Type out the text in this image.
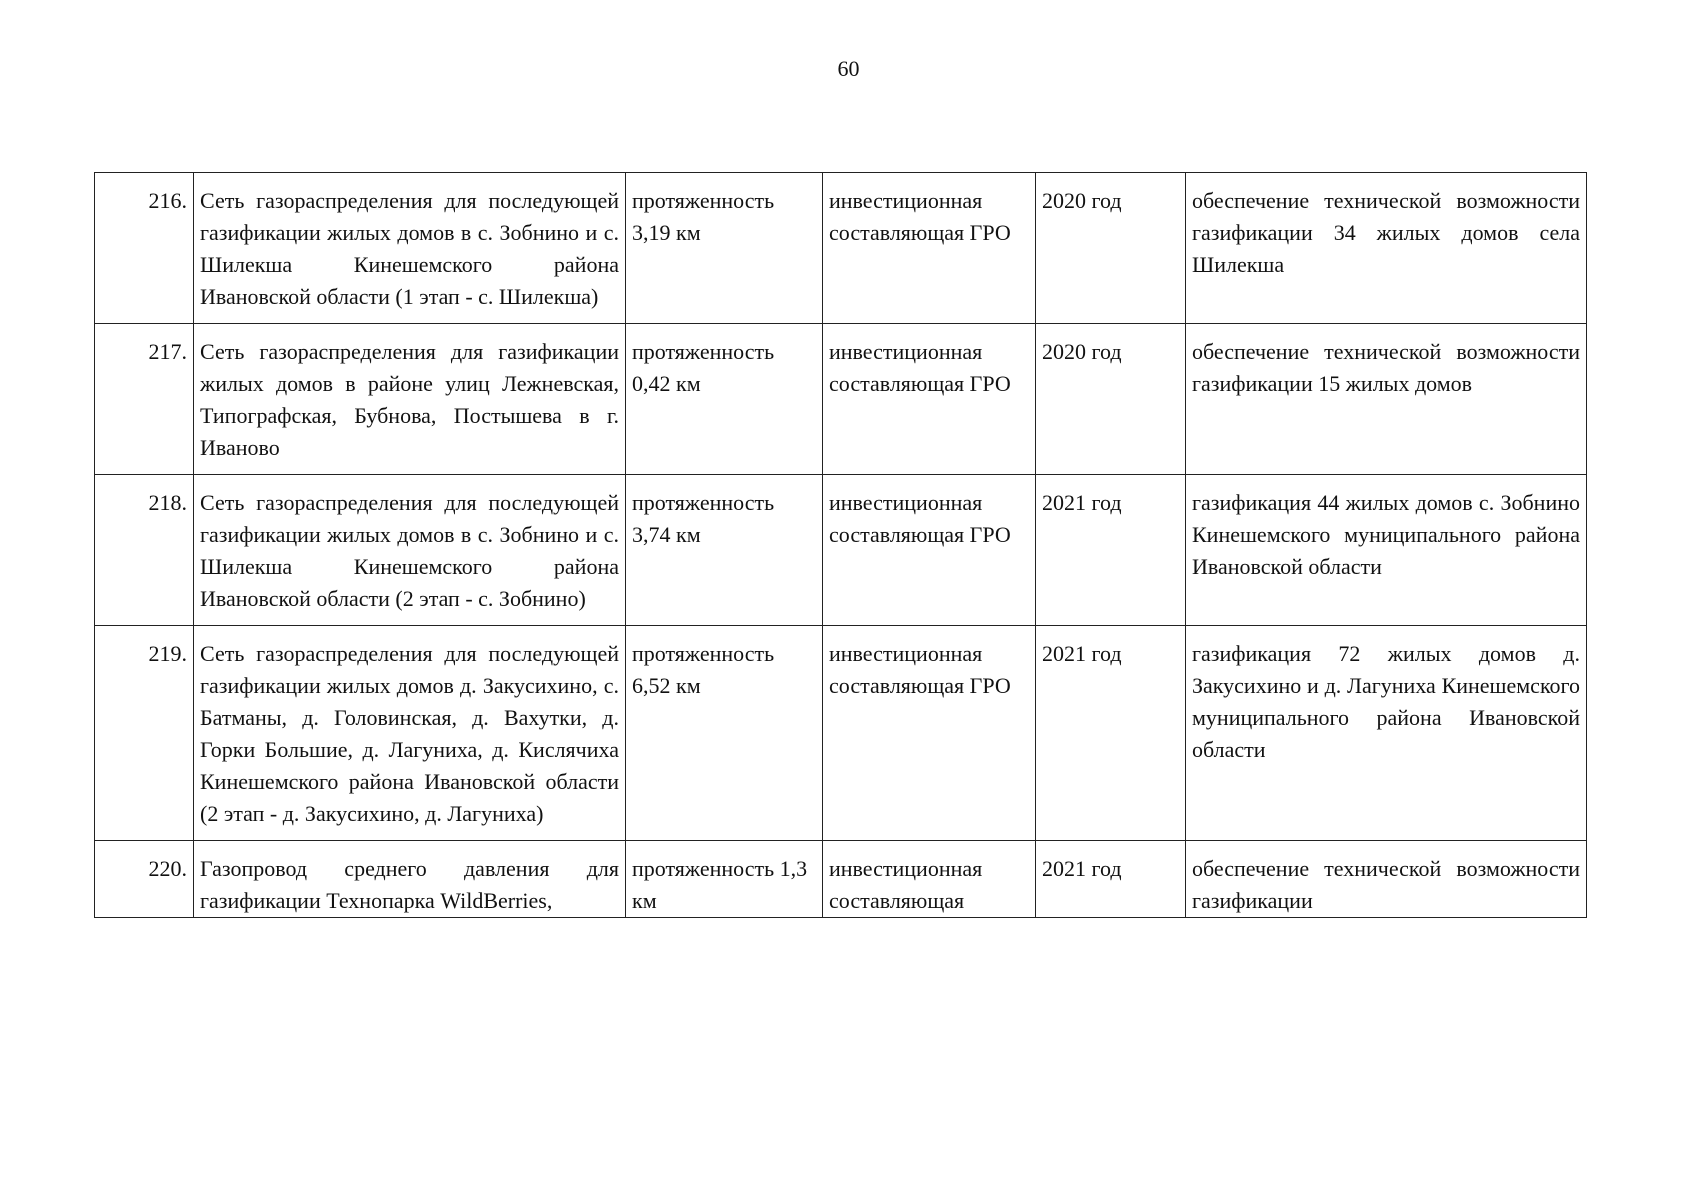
60
216.	Сеть газораспределения для последующей газификации жилых домов в с. Зобнино и с. Шилекша Кинешемского района Ивановской области (1 этап - с. Шилекша)	протяженность 3,19 км	инвестиционная составляющая ГРО	2020 год	обеспечение технической возможности газификации 34 жилых домов села Шилекша
217.	Сеть газораспределения для газификации жилых домов в районе улиц Лежневская, Типографская, Бубнова, Постышева в г. Иваново	протяженность 0,42 км	инвестиционная составляющая ГРО	2020 год	обеспечение технической возможности газификации 15 жилых домов
218.	Сеть газораспределения для последующей газификации жилых домов в с. Зобнино и с. Шилекша Кинешемского района Ивановской области (2 этап - с. Зобнино)	протяженность 3,74 км	инвестиционная составляющая ГРО	2021 год	газификация 44 жилых домов с. Зобнино Кинешемского муниципального района Ивановской области
219.	Сеть газораспределения для последующей газификации жилых домов д. Закусихино, с. Батманы, д. Головинская, д. Вахутки, д. Горки Большие, д. Лагуниха, д. Кислячиха Кинешемского района Ивановской области (2 этап - д. Закусихино, д. Лагуниха)	протяженность 6,52 км	инвестиционная составляющая ГРО	2021 год	газификация 72 жилых домов д. Закусихино и д. Лагуниха Кинешемского муниципального района Ивановской области

220.	Газопровод среднего давления для газификации Технопарка WildBerries,	протяженность 1,3 км	инвестиционная составляющая	2021 год	обеспечение технической возможности газификации
